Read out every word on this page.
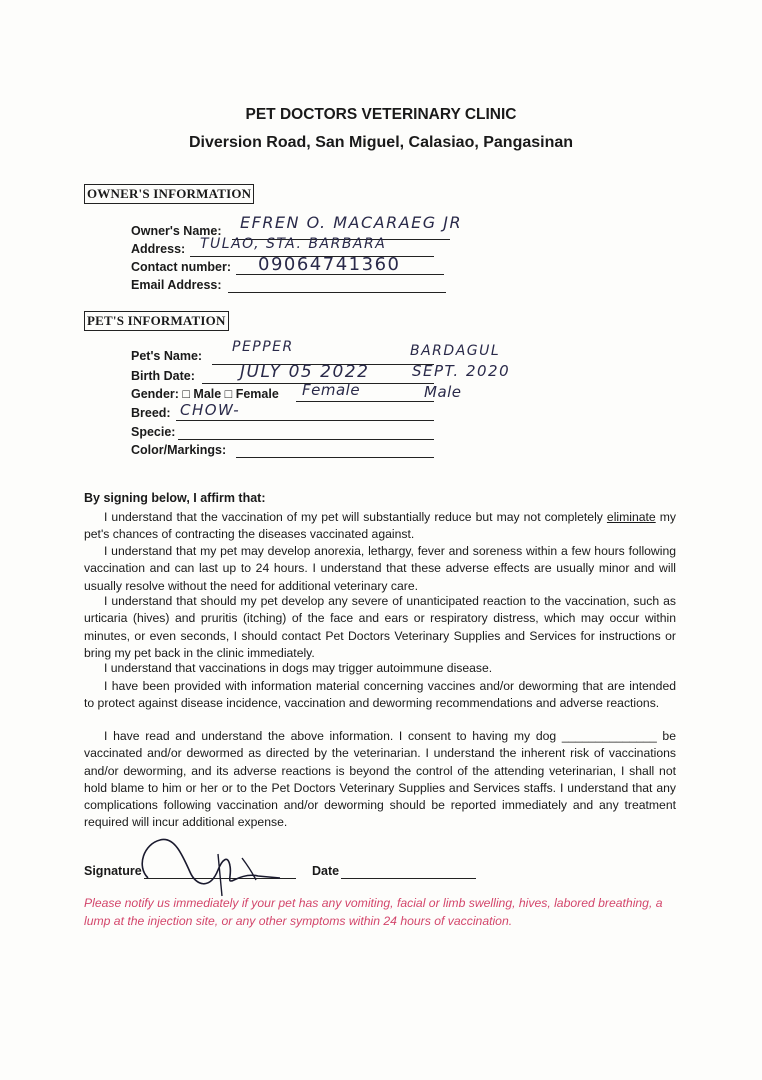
PET DOCTORS VETERINARY CLINIC
Diversion Road, San Miguel, Calasiao, Pangasinan
OWNER'S INFORMATION
Owner's Name: EFREN O. MACARAEG JR
Address: TULAO, STA. BARBARA
Contact number: 09064741360
Email Address:
PET'S INFORMATION
Pet's Name:
PEPPER	BARDAGUL
Birth Date:	JULY 05 2022	SEPT. 2020
Gender: □ Male □ Female Female	Male
Breed: CHOW-
Specie:
Color/Markings:
By signing below, I affirm that:

I understand that the vaccination of my pet will substantially reduce but may not completely eliminate my pet's chances of contracting the diseases vaccinated against.

I understand that my pet may develop anorexia, lethargy, fever and soreness within a few hours following vaccination and can last up to 24 hours. I understand that these adverse effects are usually minor and will usually resolve without the need for additional veterinary care.

I understand that should my pet develop any severe of unanticipated reaction to the vaccination, such as urticaria (hives) and pruritis (itching) of the face and ears or respiratory distress, which may occur within minutes, or even seconds, I should contact Pet Doctors Veterinary Supplies and Services for instructions or bring my pet back in the clinic immediately.

I understand that vaccinations in dogs may trigger autoimmune disease.

I have been provided with information material concerning vaccines and/or deworming that are intended to protect against disease incidence, vaccination and deworming recommendations and adverse reactions.

I have read and understand the above information. I consent to having my dog ______________ be vaccinated and/or dewormed as directed by the veterinarian. I understand the inherent risk of vaccinations and/or deworming, and its adverse reactions is beyond the control of the attending veterinarian, I shall not hold blame to him or her or to the Pet Doctors Veterinary Supplies and Services staffs. I understand that any complications following vaccination and/or deworming should be reported immediately and any treatment required will incur additional expense.

Signature	Date
Please notify us immediately if your pet has any vomiting, facial or limb swelling, hives, labored breathing, a lump at the injection site, or any other symptoms within 24 hours of vaccination.
